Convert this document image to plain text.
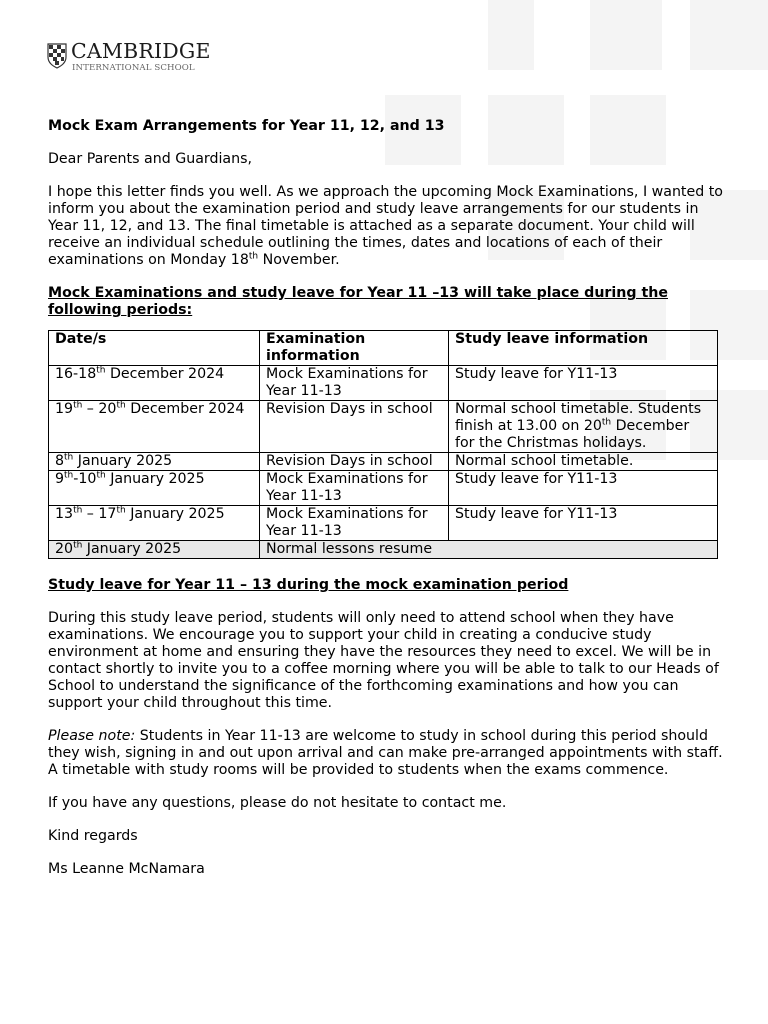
CAMBRIDGE
INTERNATIONAL SCHOOL

Mock Exam Arrangements for Year 11, 12, and 13

Dear Parents and Guardians,

I hope this letter finds you well. As we approach the upcoming Mock Examinations, I wanted to inform you about the examination period and study leave arrangements for our students in Year 11, 12, and 13. The final timetable is attached as a separate document. Your child will receive an individual schedule outlining the times, dates and locations of each of their examinations on Monday 18th November.

Mock Examinations and study leave for Year 11 –13 will take place during the following periods:

Date/s	Examination information	Study leave information
16-18th December 2024	Mock Examinations for Year 11-13	Study leave for Y11-13
19th – 20th December 2024	Revision Days in school	Normal school timetable. Students finish at 13.00 on 20th December for the Christmas holidays.
8th January 2025	Revision Days in school	Normal school timetable.
9th-10th January 2025	Mock Examinations for Year 11-13	Study leave for Y11-13
13th – 17th January 2025	Mock Examinations for Year 11-13	Study leave for Y11-13
20th January 2025	Normal lessons resume	

Study leave for Year 11 – 13 during the mock examination period

During this study leave period, students will only need to attend school when they have examinations. We encourage you to support your child in creating a conducive study environment at home and ensuring they have the resources they need to excel. We will be in contact shortly to invite you to a coffee morning where you will be able to talk to our Heads of School to understand the significance of the forthcoming examinations and how you can support your child throughout this time.

Please note: Students in Year 11-13 are welcome to study in school during this period should they wish, signing in and out upon arrival and can make pre-arranged appointments with staff. A timetable with study rooms will be provided to students when the exams commence.

If you have any questions, please do not hesitate to contact me.

Kind regards

Ms Leanne McNamara
